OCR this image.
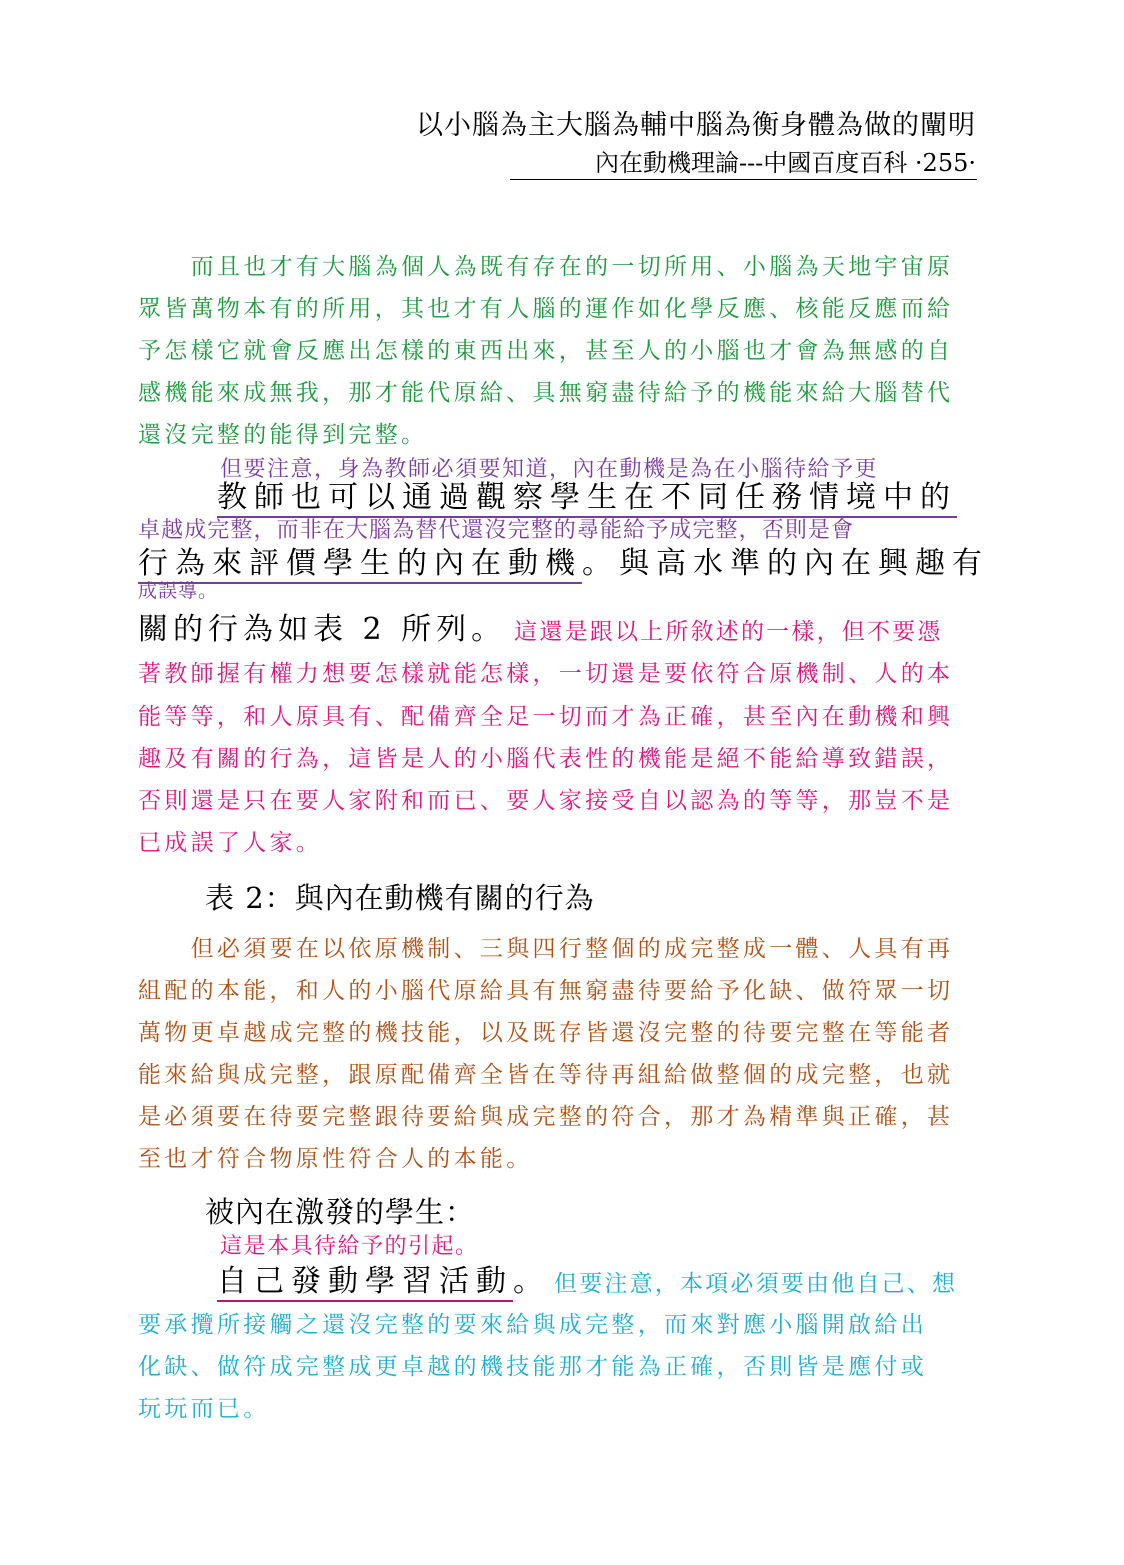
以小腦為主大腦為輔中腦為衡身體為做的闡明
內在動機理論---中國百度百科 ·255·
　　而且也才有大腦為個人為既有存在的一切所用、小腦為天地宇宙原
眾皆萬物本有的所用，其也才有人腦的運作如化學反應、核能反應而給
予怎樣它就會反應出怎樣的東西出來，甚至人的小腦也才會為無感的自
感機能來成無我，那才能代原給、具無窮盡待給予的機能來給大腦替代
還沒完整的能得到完整。
但要注意，身為教師必須要知道，內在動機是為在小腦待給予更
教師也可以通過觀察學生在不同任務情境中的
卓越成完整，而非在大腦為替代還沒完整的尋能給予成完整，否則是會
行為來評價學生的內在動機。與高水準的內在興趣有
成誤導。
關的行為如表 2 所列。 這還是跟以上所敘述的一樣，但不要憑
著教師握有權力想要怎樣就能怎樣，一切還是要依符合原機制、人的本
能等等，和人原具有、配備齊全足一切而才為正確，甚至內在動機和興
趣及有關的行為，這皆是人的小腦代表性的機能是絕不能給導致錯誤，
否則還是只在要人家附和而已、要人家接受自以認為的等等，那豈不是
已成誤了人家。
表 2：與內在動機有關的行為
　　但必須要在以依原機制、三與四行整個的成完整成一體、人具有再
組配的本能，和人的小腦代原給具有無窮盡待要給予化缺、做符眾一切
萬物更卓越成完整的機技能，以及既存皆還沒完整的待要完整在等能者
能來給與成完整，跟原配備齊全皆在等待再組給做整個的成完整，也就
是必須要在待要完整跟待要給與成完整的符合，那才為精準與正確，甚
至也才符合物原性符合人的本能。
被內在激發的學生：
這是本具待給予的引起。
自己發動學習活動。 但要注意，本項必須要由他自己、想
要承攬所接觸之還沒完整的要來給與成完整，而來對應小腦開啟給出
化缺、做符成完整成更卓越的機技能那才能為正確，否則皆是應付或
玩玩而已。
